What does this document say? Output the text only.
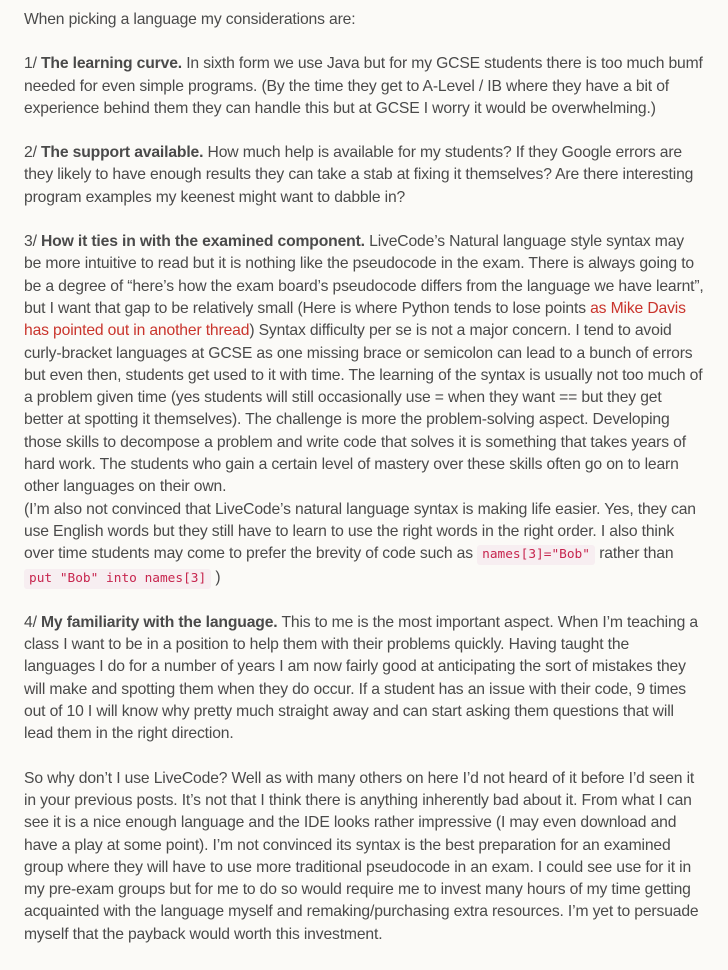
When picking a language my considerations are:

1/ The learning curve. In sixth form we use Java but for my GCSE students there is too much bumf needed for even simple programs. (By the time they get to A-Level / IB where they have a bit of experience behind them they can handle this but at GCSE I worry it would be overwhelming.)

2/ The support available. How much help is available for my students? If they Google errors are they likely to have enough results they can take a stab at fixing it themselves? Are there interesting program examples my keenest might want to dabble in?

3/ How it ties in with the examined component. LiveCode’s Natural language style syntax may be more intuitive to read but it is nothing like the pseudocode in the exam. There is always going to be a degree of “here’s how the exam board’s pseudocode differs from the language we have learnt”, but I want that gap to be relatively small (Here is where Python tends to lose points as Mike Davis has pointed out in another thread) Syntax difficulty per se is not a major concern. I tend to avoid curly-bracket languages at GCSE as one missing brace or semicolon can lead to a bunch of errors but even then, students get used to it with time. The learning of the syntax is usually not too much of a problem given time (yes students will still occasionally use = when they want == but they get better at spotting it themselves). The challenge is more the problem-solving aspect. Developing those skills to decompose a problem and write code that solves it is something that takes years of hard work. The students who gain a certain level of mastery over these skills often go on to learn other languages on their own.
(I’m also not convinced that LiveCode’s natural language syntax is making life easier. Yes, they can use English words but they still have to learn to use the right words in the right order. I also think over time students may come to prefer the brevity of code such as names[3]="Bob" rather than put "Bob" into names[3] )

4/ My familiarity with the language. This to me is the most important aspect. When I’m teaching a class I want to be in a position to help them with their problems quickly. Having taught the languages I do for a number of years I am now fairly good at anticipating the sort of mistakes they will make and spotting them when they do occur. If a student has an issue with their code, 9 times out of 10 I will know why pretty much straight away and can start asking them questions that will lead them in the right direction.

So why don’t I use LiveCode? Well as with many others on here I’d not heard of it before I’d seen it in your previous posts. It’s not that I think there is anything inherently bad about it. From what I can see it is a nice enough language and the IDE looks rather impressive (I may even download and have a play at some point). I’m not convinced its syntax is the best preparation for an examined group where they will have to use more traditional pseudocode in an exam. I could see use for it in my pre-exam groups but for me to do so would require me to invest many hours of my time getting acquainted with the language myself and remaking/purchasing extra resources. I’m yet to persuade myself that the payback would worth this investment.
